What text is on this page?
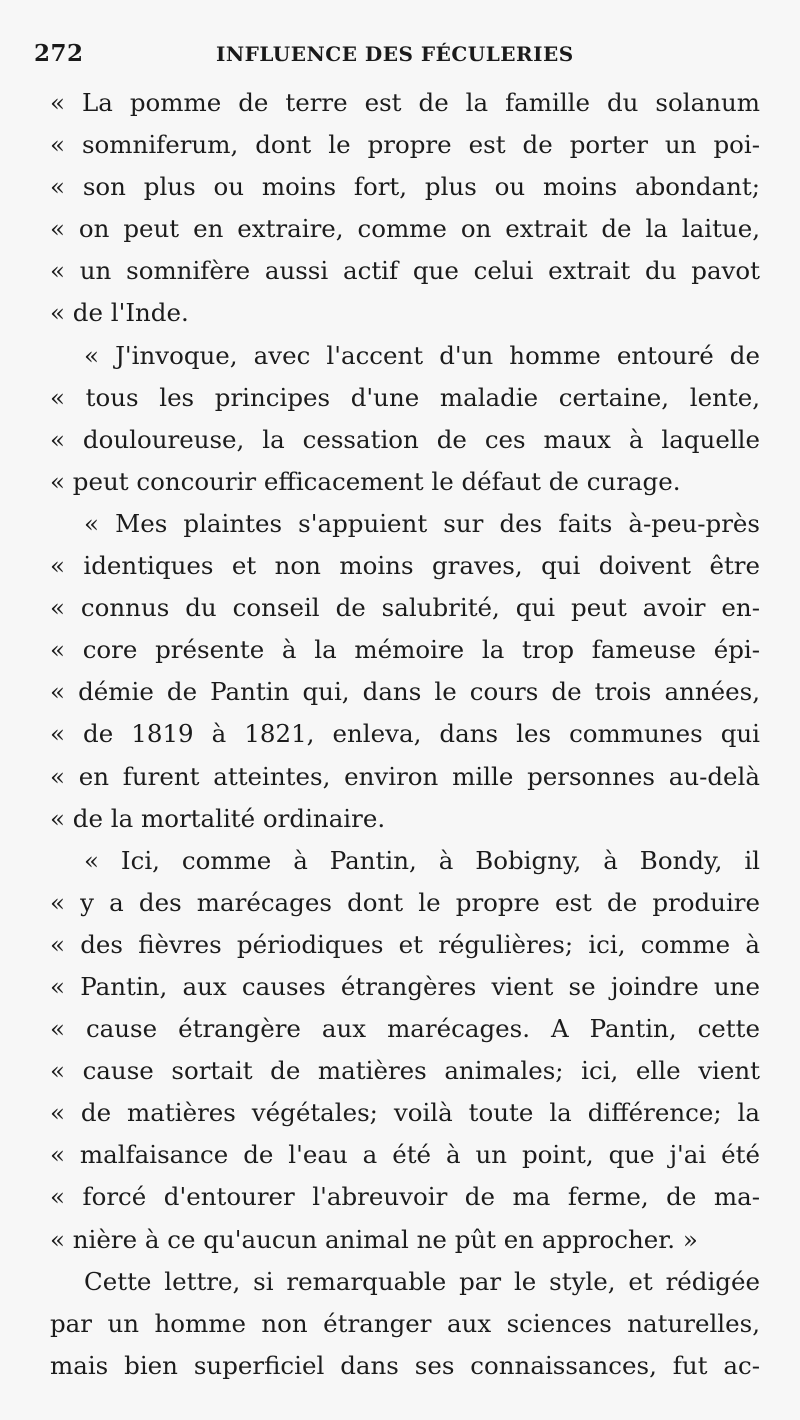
272	INFLUENCE DES FÉCULERIES
« La pomme de terre est de la famille du solanum
« somniferum, dont le propre est de porter un poi-
« son plus ou moins fort, plus ou moins abondant;
« on peut en extraire, comme on extrait de la laitue,
« un somnifère aussi actif que celui extrait du pavot
« de l'Inde.
« J'invoque, avec l'accent d'un homme entouré de
« tous les principes d'une maladie certaine, lente,
« douloureuse, la cessation de ces maux à laquelle
« peut concourir efficacement le défaut de curage.
« Mes plaintes s'appuient sur des faits à-peu-près
« identiques et non moins graves, qui doivent être
« connus du conseil de salubrité, qui peut avoir en-
« core présente à la mémoire la trop fameuse épi-
« démie de Pantin qui, dans le cours de trois années,
« de 1819 à 1821, enleva, dans les communes qui
« en furent atteintes, environ mille personnes au-delà
« de la mortalité ordinaire.
« Ici, comme à Pantin, à Bobigny, à Bondy, il
« y a des marécages dont le propre est de produire
« des fièvres périodiques et régulières; ici, comme à
« Pantin, aux causes étrangères vient se joindre une
« cause étrangère aux marécages. A Pantin, cette
« cause sortait de matières animales; ici, elle vient
« de matières végétales; voilà toute la différence; la
« malfaisance de l'eau a été à un point, que j'ai été
« forcé d'entourer l'abreuvoir de ma ferme, de ma-
« nière à ce qu'aucun animal ne pût en approcher. »
Cette lettre, si remarquable par le style, et rédigée
par un homme non étranger aux sciences naturelles,
mais bien superficiel dans ses connaissances, fut ac-
